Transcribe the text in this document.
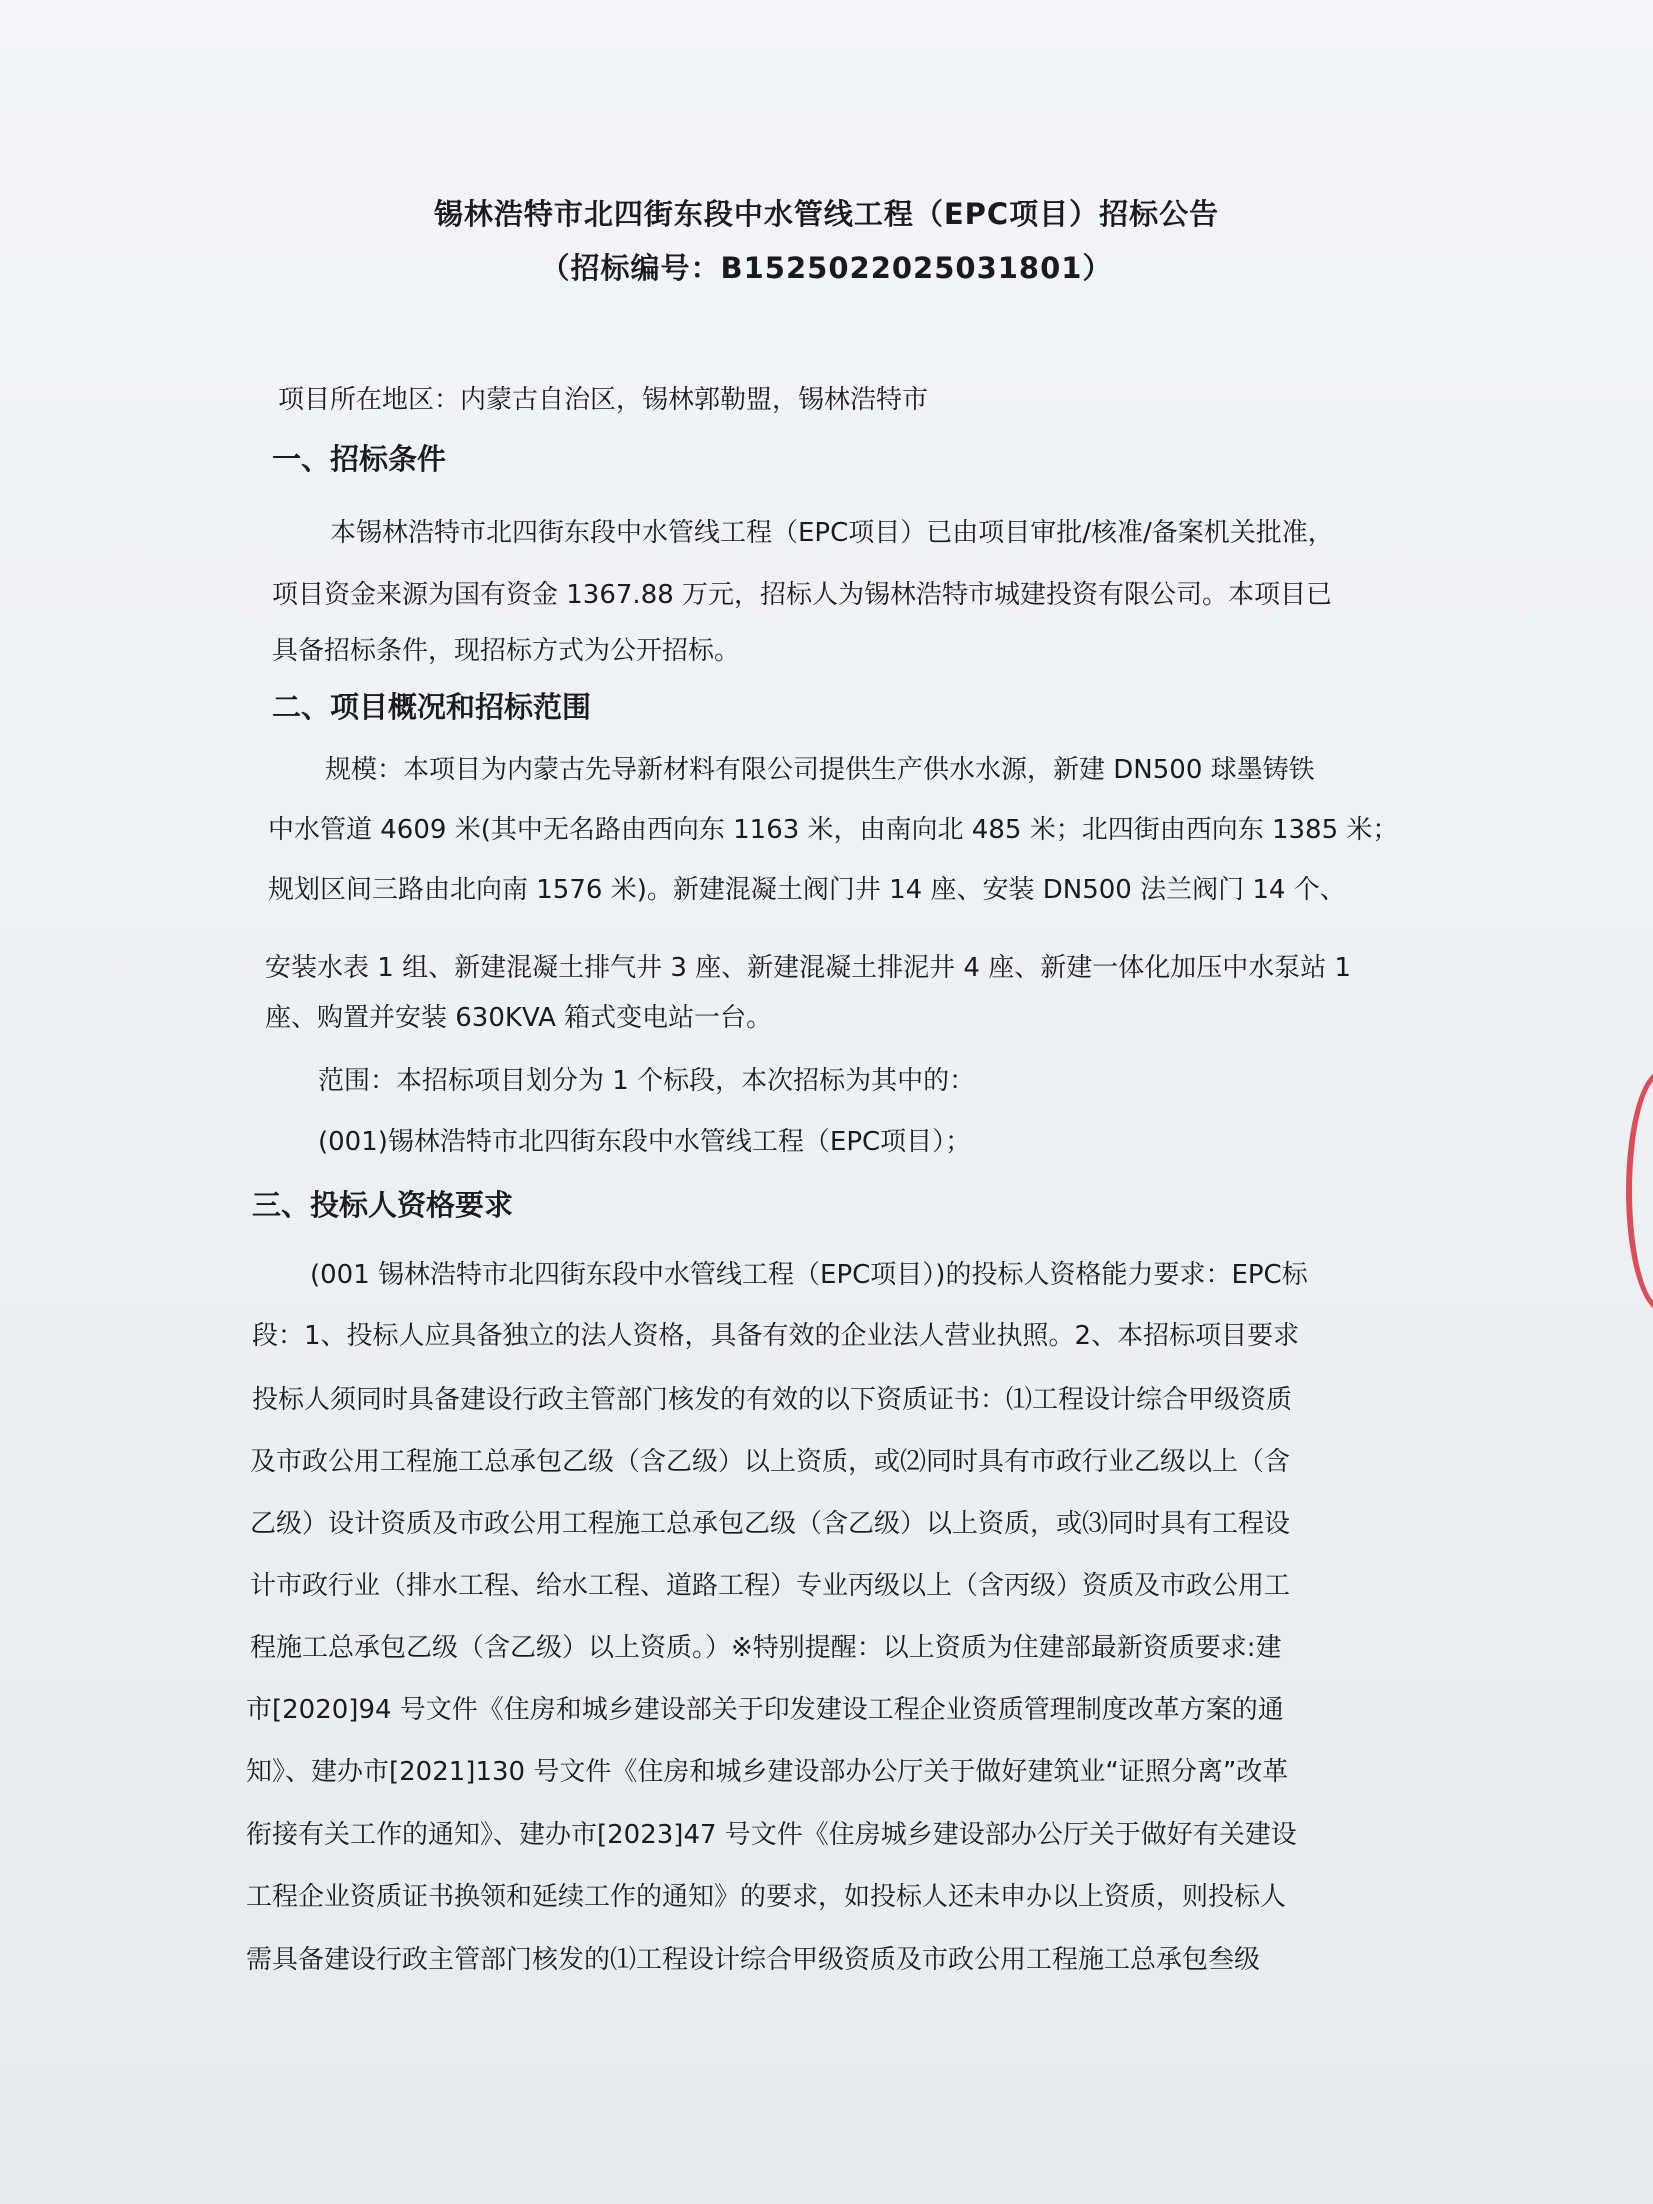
锡林浩特市北四街东段中水管线工程（EPC项目）招标公告
（招标编号：B1525022025031801）
项目所在地区：内蒙古自治区，锡林郭勒盟，锡林浩特市
一、招标条件
本锡林浩特市北四街东段中水管线工程（EPC项目）已由项目审批/核准/备案机关批准，
项目资金来源为国有资金 1367.88 万元，招标人为锡林浩特市城建投资有限公司。本项目已
具备招标条件，现招标方式为公开招标。
二、项目概况和招标范围
规模：本项目为内蒙古先导新材料有限公司提供生产供水水源，新建 DN500 球墨铸铁
中水管道 4609 米(其中无名路由西向东 1163 米，由南向北 485 米；北四街由西向东 1385 米；
规划区间三路由北向南 1576 米)。新建混凝土阀门井 14 座、安装 DN500 法兰阀门 14 个、
安装水表 1 组、新建混凝土排气井 3 座、新建混凝土排泥井 4 座、新建一体化加压中水泵站 1
座、购置并安装 630KVA 箱式变电站一台。
范围：本招标项目划分为 1 个标段，本次招标为其中的：
(001)锡林浩特市北四街东段中水管线工程（EPC项目）；
三、投标人资格要求
(001 锡林浩特市北四街东段中水管线工程（EPC项目）)的投标人资格能力要求：EPC标
段：1、投标人应具备独立的法人资格，具备有效的企业法人营业执照。2、本招标项目要求
投标人须同时具备建设行政主管部门核发的有效的以下资质证书：⑴工程设计综合甲级资质
及市政公用工程施工总承包乙级（含乙级）以上资质，或⑵同时具有市政行业乙级以上（含
乙级）设计资质及市政公用工程施工总承包乙级（含乙级）以上资质，或⑶同时具有工程设
计市政行业（排水工程、给水工程、道路工程）专业丙级以上（含丙级）资质及市政公用工
程施工总承包乙级（含乙级）以上资质。）※特别提醒：以上资质为住建部最新资质要求:建
市[2020]94 号文件《住房和城乡建设部关于印发建设工程企业资质管理制度改革方案的通
知》、建办市[2021]130 号文件《住房和城乡建设部办公厅关于做好建筑业“证照分离”改革
衔接有关工作的通知》、建办市[2023]47 号文件《住房城乡建设部办公厅关于做好有关建设
工程企业资质证书换领和延续工作的通知》的要求，如投标人还未申办以上资质，则投标人
需具备建设行政主管部门核发的⑴工程设计综合甲级资质及市政公用工程施工总承包叁级
